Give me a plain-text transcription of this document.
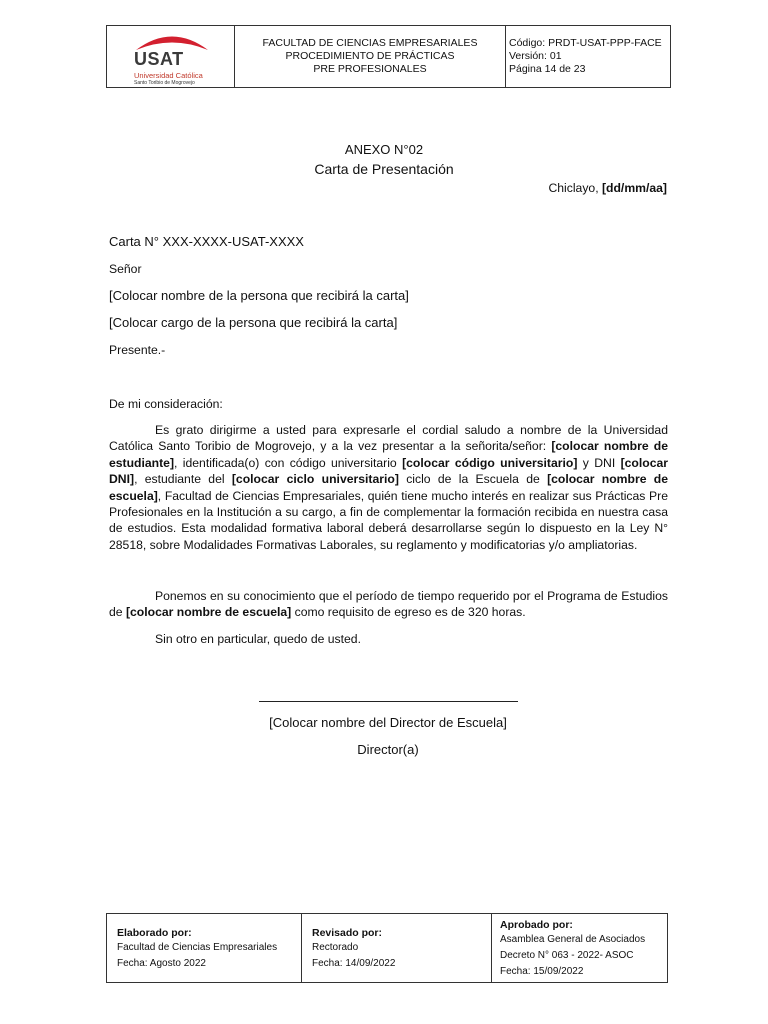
USAT
Universidad Católica
Santo Toribio de Mogrovejo
FACULTAD DE CIENCIAS EMPRESARIALES
PROCEDIMIENTO DE PRÁCTICAS
PRE PROFESIONALES
Código: PRDT-USAT-PPP-FACE
Versión: 01
Página 14 de 23
ANEXO N°02
Carta de Presentación
Chiclayo, [dd/mm/aa]
Carta N° XXX-XXXX-USAT-XXXX
Señor
[Colocar nombre de la persona que recibirá la carta]
[Colocar cargo de la persona que recibirá la carta]
Presente.-
De mi consideración:
Es grato dirigirme a usted para expresarle el cordial saludo a nombre de la Universidad Católica Santo Toribio de Mogrovejo, y a la vez presentar a la señorita/señor: [colocar nombre de estudiante], identificada(o) con código universitario [colocar código universitario] y DNI [colocar DNI], estudiante del [colocar ciclo universitario] ciclo de la Escuela de [colocar nombre de escuela], Facultad de Ciencias Empresariales, quién tiene mucho interés en realizar sus Prácticas Pre Profesionales en la Institución a su cargo, a fin de complementar la formación recibida en nuestra casa de estudios. Esta modalidad formativa laboral deberá desarrollarse según lo dispuesto en la Ley N° 28518, sobre Modalidades Formativas Laborales, su reglamento y modificatorias y/o ampliatorias.
Ponemos en su conocimiento que el período de tiempo requerido por el Programa de Estudios de [colocar nombre de escuela] como requisito de egreso es de 320 horas.
Sin otro en particular, quedo de usted.
[Colocar nombre del Director de Escuela]
Director(a)
Elaborado por:
Facultad de Ciencias Empresariales
Fecha: Agosto 2022
Revisado por:
Rectorado
Fecha: 14/09/2022
Aprobado por:
Asamblea General de Asociados
Decreto N° 063 - 2022- ASOC
Fecha: 15/09/2022
